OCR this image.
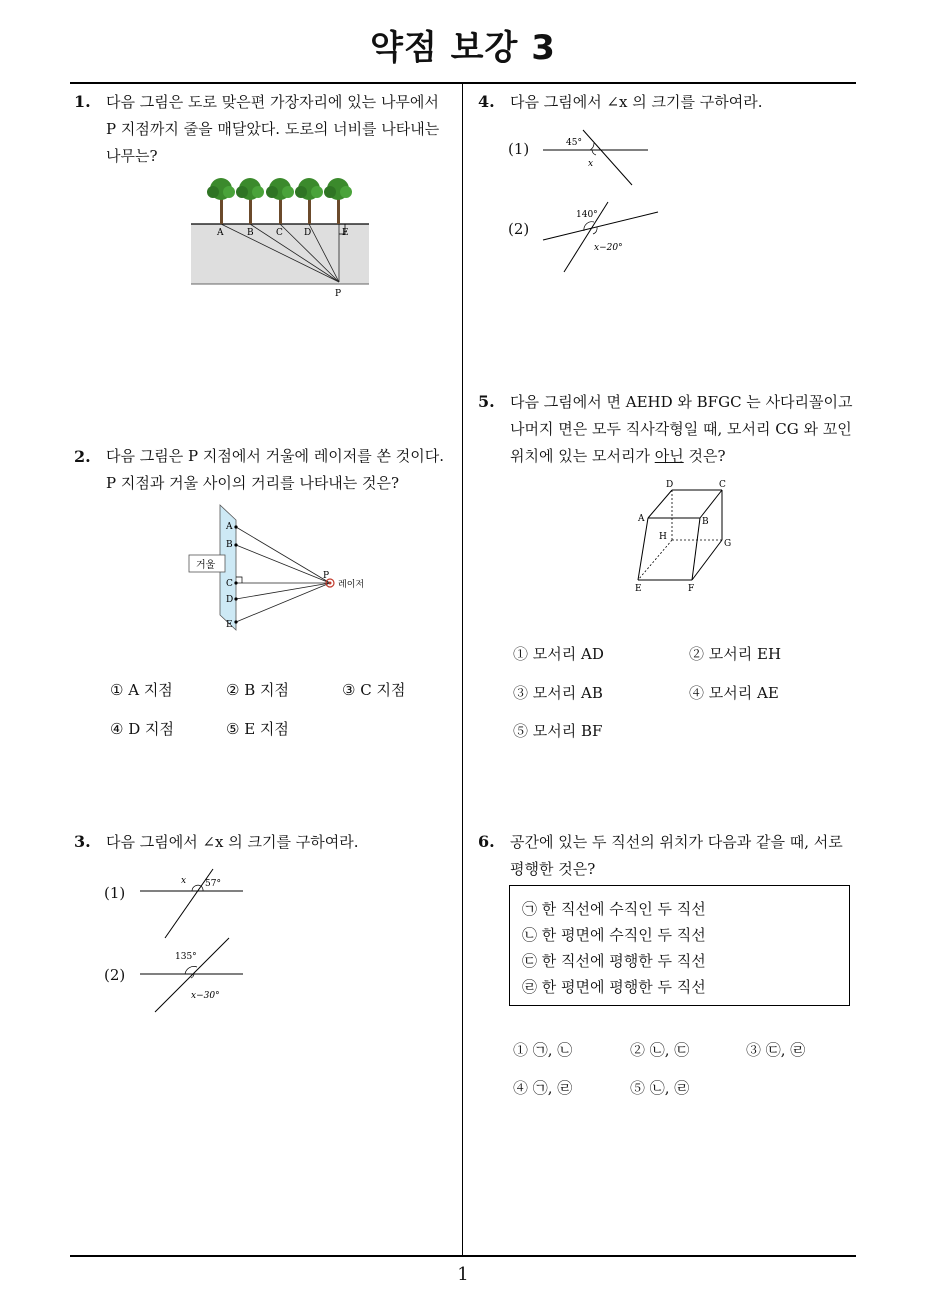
약점 보강 3
1
1. 다음 그림은 도로 맞은편 가장자리에 있는 나무에서
P 지점까지 줄을 매달았다. 도로의 너비를 나타내는
나무는?
A	B C D	E
P
2. 다음 그림은 P 지점에서 거울에 레이저를 쏜 것이다.
P 지점과 거울 사이의 거리를 나타내는 것은?
거울
A
B
C
D
E
P
레이저
① A 지점	② B 지점	③ C 지점
④ D 지점	⑤ E 지점
3. 다음 그림에서 ∠x 의 크기를 구하여라.
(1)
(2)
x 57°
135°
x−30°
4. 다음 그림에서 ∠x 의 크기를 구하여라.
(1)
(2)
45°
x
140°
x−20°
5. 다음 그림에서 면 AEHD 와 BFGC 는 사다리꼴이고
나머지 면은 모두 직사각형일 때, 모서리 CG 와 꼬인
위치에 있는 모서리가 아닌 것은?
D	C
A	B
H
G
E	F
① 모서리 AD	② 모서리 EH
③ 모서리 AB	④ 모서리 AE
⑤ 모서리 BF
6. 공간에 있는 두 직선의 위치가 다음과 같을 때, 서로
평행한 것은?
㉠ 한 직선에 수직인 두 직선
㉡ 한 평면에 수직인 두 직선
㉢ 한 직선에 평행한 두 직선
㉣ 한 평면에 평행한 두 직선
① ㉠, ㉡	② ㉡, ㉢	③ ㉢, ㉣
④ ㉠, ㉣	⑤ ㉡, ㉣
